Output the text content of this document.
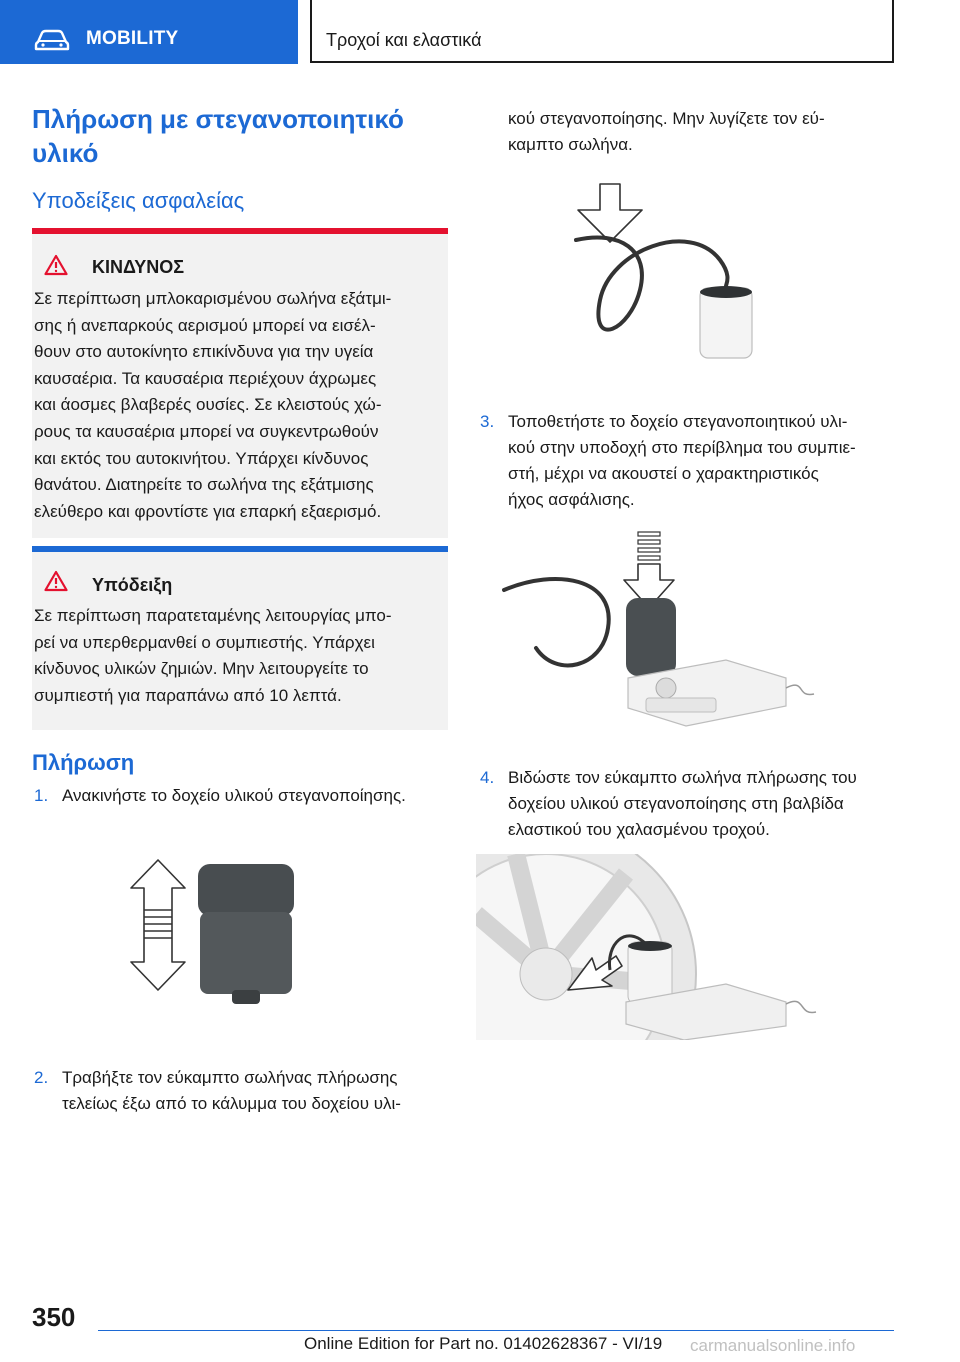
MOBILITY	Τροχοί και ελαστικά
Πλήρωση με στεγανοποιητικό υλικό
Υποδείξεις ασφαλείας
ΚΙΝΔΥΝΟΣ
Σε περίπτωση μπλοκαρισμένου σωλήνα εξάτμι-
σης ή ανεπαρκούς αερισμού μπορεί να εισέλ-
θουν στο αυτοκίνητο επικίνδυνα για την υγεία
καυσαέρια. Τα καυσαέρια περιέχουν άχρωμες
και άοσμες βλαβερές ουσίες. Σε κλειστούς χώ-
ρους τα καυσαέρια μπορεί να συγκεντρωθούν
και εκτός του αυτοκινήτου. Υπάρχει κίνδυνος
θανάτου. Διατηρείτε το σωλήνα της εξάτμισης
ελεύθερο και φροντίστε για επαρκή εξαερισμό.
Υπόδειξη
Σε περίπτωση παρατεταμένης λειτουργίας μπο-
ρεί να υπερθερμανθεί ο συμπιεστής. Υπάρχει
κίνδυνος υλικών ζημιών. Μην λειτουργείτε το
συμπιεστή για παραπάνω από 10 λεπτά.
Πλήρωση
1. Ανακινήστε το δοχείο υλικού στεγανοποίησης.
2. Τραβήξτε τον εύκαμπτο σωλήνας πλήρωσης
τελείως έξω από το κάλυμμα του δοχείου υλι-
κού στεγανοποίησης. Μην λυγίζετε τον εύ-
καμπτο σωλήνα.
3. Τοποθετήστε το δοχείο στεγανοποιητικού υλι-
κού στην υποδοχή στο περίβλημα του συμπιε-
στή, μέχρι να ακουστεί ο χαρακτηριστικός
ήχος ασφάλισης.
4. Βιδώστε τον εύκαμπτο σωλήνα πλήρωσης του
δοχείου υλικού στεγανοποίησης στη βαλβίδα
ελαστικού του χαλασμένου τροχού.
350
Online Edition for Part no. 01402628367 - VI/19 carmanualsonline.info
